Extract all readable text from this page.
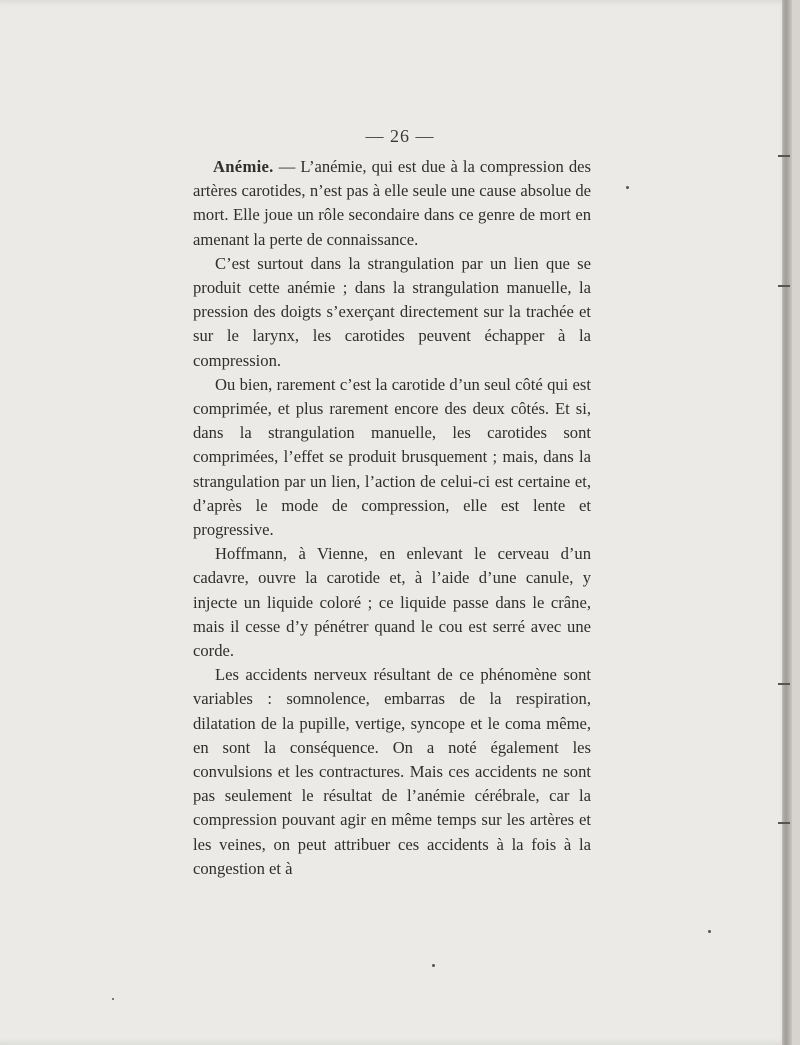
— 26 —

Anémie. — L’anémie, qui est due à la compression des artères carotides, n’est pas à elle seule une cause absolue de mort. Elle joue un rôle secondaire dans ce genre de mort en amenant la perte de connaissance.

C’est surtout dans la strangulation par un lien que se produit cette anémie ; dans la strangulation manuelle, la pression des doigts s’exerçant directement sur la trachée et sur le larynx, les carotides peuvent échapper à la compression.

Ou bien, rarement c’est la carotide d’un seul côté qui est comprimée, et plus rarement encore des deux côtés. Et si, dans la strangulation manuelle, les carotides sont comprimées, l’effet se produit brusquement ; mais, dans la strangulation par un lien, l’action de celui-ci est certaine et, d’après le mode de compression, elle est lente et progressive.

Hoffmann, à Vienne, en enlevant le cerveau d’un cadavre, ouvre la carotide et, à l’aide d’une canule, y injecte un liquide coloré ; ce liquide passe dans le crâne, mais il cesse d’y pénétrer quand le cou est serré avec une corde.

Les accidents nerveux résultant de ce phénomène sont variables : somnolence, embarras de la respiration, dilatation de la pupille, vertige, syncope et le coma même, en sont la conséquence. On a noté également les convulsions et les contractures. Mais ces accidents ne sont pas seulement le résultat de l’anémie cérébrale, car la compression pouvant agir en même temps sur les artères et les veines, on peut attribuer ces accidents à la fois à la congestion et à
